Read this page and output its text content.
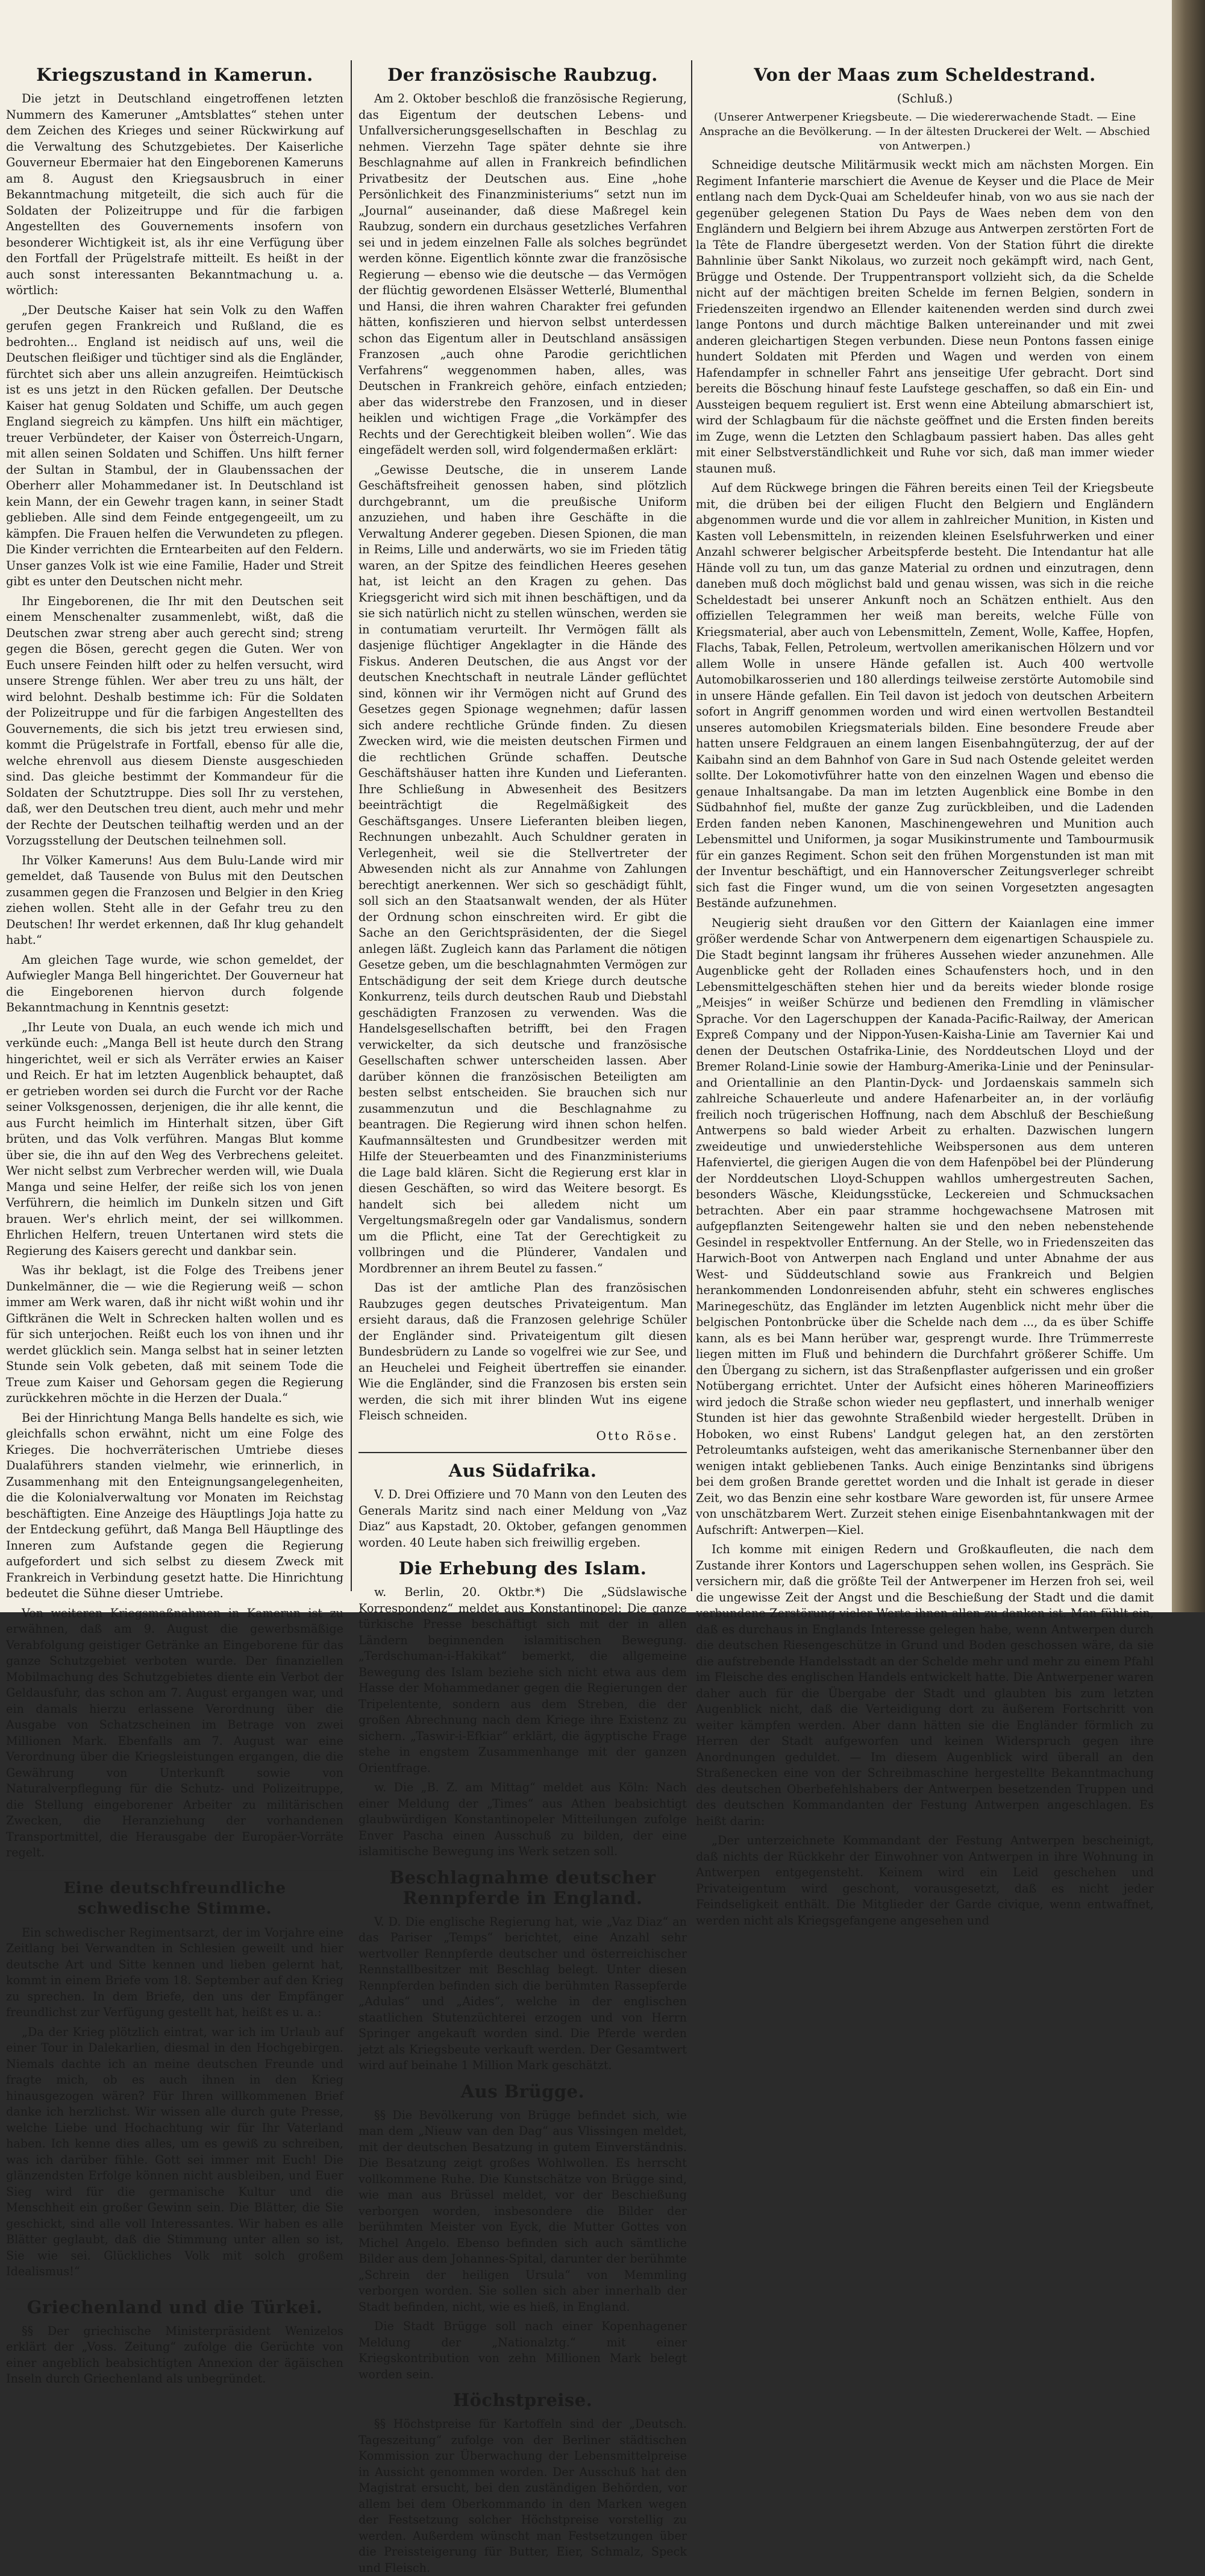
Kriegszustand in Kamerun.

Die jetzt in Deutschland eingetroffenen letzten Nummern des Kameruner „Amtsblattes“ stehen unter dem Zeichen des Krieges und seiner Rückwirkung auf die Verwaltung des Schutzgebietes. Der Kaiserliche Gouverneur Ebermaier hat den Eingeborenen Kameruns am 8. August den Kriegsausbruch in einer Bekanntmachung mitgeteilt, die sich auch für die Soldaten der Polizeitruppe und für die farbigen Angestellten des Gouvernements insofern von besonderer Wichtigkeit ist, als ihr eine Verfügung über den Fortfall der Prügelstrafe mitteilt. Es heißt in der auch sonst interessanten Bekanntmachung u. a. wörtlich:

„Der Deutsche Kaiser hat sein Volk zu den Waffen gerufen gegen Frankreich und Rußland, die es bedrohten... England ist neidisch auf uns, weil die Deutschen fleißiger und tüchtiger sind als die Engländer, fürchtet sich aber uns allein anzugreifen. Heimtückisch ist es uns jetzt in den Rücken gefallen. Der Deutsche Kaiser hat genug Soldaten und Schiffe, um auch gegen England siegreich zu kämpfen. Uns hilft ein mächtiger, treuer Verbündeter, der Kaiser von Österreich-Ungarn, mit allen seinen Soldaten und Schiffen. Uns hilft ferner der Sultan in Stambul, der in Glaubenssachen der Oberherr aller Mohammedaner ist. In Deutschland ist kein Mann, der ein Gewehr tragen kann, in seiner Stadt geblieben. Alle sind dem Feinde entgegengeeilt, um zu kämpfen. Die Frauen helfen die Verwundeten zu pflegen. Die Kinder verrichten die Erntearbeiten auf den Feldern. Unser ganzes Volk ist wie eine Familie, Hader und Streit gibt es unter den Deutschen nicht mehr.

Ihr Eingeborenen, die Ihr mit den Deutschen seit einem Menschenalter zusammenlebt, wißt, daß die Deutschen zwar streng aber auch gerecht sind; streng gegen die Bösen, gerecht gegen die Guten. Wer von Euch unsere Feinden hilft oder zu helfen versucht, wird unsere Strenge fühlen. Wer aber treu zu uns hält, der wird belohnt. Deshalb bestimme ich: Für die Soldaten der Polizeitruppe und für die farbigen Angestellten des Gouvernements, die sich bis jetzt treu erwiesen sind, kommt die Prügelstrafe in Fortfall, ebenso für alle die, welche ehrenvoll aus diesem Dienste ausgeschieden sind. Das gleiche bestimmt der Kommandeur für die Soldaten der Schutztruppe. Dies soll Ihr zu verstehen, daß, wer den Deutschen treu dient, auch mehr und mehr der Rechte der Deutschen teilhaftig werden und an der Vorzugsstellung der Deutschen teilnehmen soll.

Ihr Völker Kameruns! Aus dem Bulu-Lande wird mir gemeldet, daß Tausende von Bulus mit den Deutschen zusammen gegen die Franzosen und Belgier in den Krieg ziehen wollen. Steht alle in der Gefahr treu zu den Deutschen! Ihr werdet erkennen, daß Ihr klug gehandelt habt.“

Am gleichen Tage wurde, wie schon gemeldet, der Aufwiegler Manga Bell hingerichtet. Der Gouverneur hat die Eingeborenen hiervon durch folgende Bekanntmachung in Kenntnis gesetzt:

„Ihr Leute von Duala, an euch wende ich mich und verkünde euch: „Manga Bell ist heute durch den Strang hingerichtet, weil er sich als Verräter erwies an Kaiser und Reich. Er hat im letzten Augenblick behauptet, daß er getrieben worden sei durch die Furcht vor der Rache seiner Volksgenossen, derjenigen, die ihr alle kennt, die aus Furcht heimlich im Hinterhalt sitzen, über Gift brüten, und das Volk verführen. Mangas Blut komme über sie, die ihn auf den Weg des Verbrechens geleitet. Wer nicht selbst zum Verbrecher werden will, wie Duala Manga und seine Helfer, der reiße sich los von jenen Verführern, die heimlich im Dunkeln sitzen und Gift brauen. Wer's ehrlich meint, der sei willkommen. Ehrlichen Helfern, treuen Untertanen wird stets die Regierung des Kaisers gerecht und dankbar sein.

Was ihr beklagt, ist die Folge des Treibens jener Dunkelmänner, die — wie die Regierung weiß — schon immer am Werk waren, daß ihr nicht wißt wohin und ihr Giftkränen die Welt in Schrecken halten wollen und es für sich unterjochen. Reißt euch los von ihnen und ihr werdet glücklich sein. Manga selbst hat in seiner letzten Stunde sein Volk gebeten, daß mit seinem Tode die Treue zum Kaiser und Gehorsam gegen die Regierung zurückkehren möchte in die Herzen der Duala.“

Bei der Hinrichtung Manga Bells handelte es sich, wie gleichfalls schon erwähnt, nicht um eine Folge des Krieges. Die hochverräterischen Umtriebe dieses Dualaführers standen vielmehr, wie erinnerlich, in Zusammenhang mit den Enteignungsangelegenheiten, die die Kolonialverwaltung vor Monaten im Reichstag beschäftigten. Eine Anzeige des Häuptlings Joja hatte zu der Entdeckung geführt, daß Manga Bell Häuptlinge des Inneren zum Aufstande gegen die Regierung aufgefordert und sich selbst zu diesem Zweck mit Frankreich in Verbindung gesetzt hatte. Die Hinrichtung bedeutet die Sühne dieser Umtriebe.

Von weiteren Kriegsmaßnahmen in Kamerun ist zu erwähnen, daß am 9. August die gewerbsmäßige Verabfolgung geistiger Getränke an Eingeborene für das ganze Schutzgebiet verboten wurde. Der finanziellen Mobilmachung des Schutzgebietes diente ein Verbot der Geldausfuhr, das schon am 7. August ergangen war, und ein damals hierzu erlassene Verordnung über die Ausgabe von Schatzscheinen im Betrage von zwei Millionen Mark. Ebenfalls am 7. August war eine Verordnung über die Kriegsleistungen ergangen, die die Gewährung von Unterkunft sowie von Naturalverpflegung für die Schutz- und Polizeitruppe, die Stellung eingeborener Arbeiter zu militärischen Zwecken, die Heranziehung der vorhandenen Transportmittel, die Herausgabe der Europäer-Vorräte regelt.

Eine deutschfreundliche schwedische Stimme.

Ein schwedischer Regimentsarzt, der im Vorjahre eine Zeitlang bei Verwandten in Schlesien geweilt und hier deutsche Art und Sitte kennen und lieben gelernt hat, kommt in einem Briefe vom 18. September auf den Krieg zu sprechen. In dem Briefe, den uns der Empfänger freundlichst zur Verfügung gestellt hat, heißt es u. a.:

„Da der Krieg plötzlich eintrat, war ich im Urlaub auf einer Tour in Dalekarlien, diesmal in den Hochgebirgen. Niemals dachte ich an meine deutschen Freunde und fragte mich, ob es auch ihnen in den Krieg hinausgezogen wären? Für Ihren willkommenen Brief danke ich herzlichst. Wir wissen alle durch gute Presse, welche Liebe und Hochachtung wir für Ihr Vaterland haben. Ich kenne dies alles, um es gewiß zu schreiben, was ich darüber fühle. Gott sei immer mit Euch! Die glänzendsten Erfolge können nicht ausbleiben, und Euer Sieg wird für die germanische Kultur und die Menschheit ein großer Gewinn sein. Die Blätter, die Sie geschickt, sind alle voll Interessantes. Wir haben es alle Blätter geglaubt, daß die Stimmung unter allen so ist, Sie wie sei. Glückliches Volk mit solch großem Idealismus!“

Griechenland und die Türkei.

§§ Der griechische Ministerpräsident Wenizelos erklärt der „Voss. Zeitung“ zufolge die Gerüchte von einer angeblich beabsichtigten Annexion der ägäischen Inseln durch Griechenland als unbegründet.

Der französische Raubzug.

Am 2. Oktober beschloß die französische Regierung, das Eigentum der deutschen Lebens- und Unfallversicherungsgesellschaften in Beschlag zu nehmen. Vierzehn Tage später dehnte sie ihre Beschlagnahme auf allen in Frankreich befindlichen Privatbesitz der Deutschen aus. Eine „hohe Persönlichkeit des Finanzministeriums“ setzt nun im „Journal“ auseinander, daß diese Maßregel kein Raubzug, sondern ein durchaus gesetzliches Verfahren sei und in jedem einzelnen Falle als solches begründet werden könne. Eigentlich könnte zwar die französische Regierung — ebenso wie die deutsche — das Vermögen der flüchtig gewordenen Elsässer Wetterlé, Blumenthal und Hansi, die ihren wahren Charakter frei gefunden hätten, konfiszieren und hiervon selbst unterdessen schon das Eigentum aller in Deutschland ansässigen Franzosen „auch ohne Parodie gerichtlichen Verfahrens“ weggenommen haben, alles, was Deutschen in Frankreich gehöre, einfach entzieden; aber das widerstrebe den Franzosen, und in dieser heiklen und wichtigen Frage „die Vorkämpfer des Rechts und der Gerechtigkeit bleiben wollen“. Wie das eingefädelt werden soll, wird folgendermaßen erklärt:

„Gewisse Deutsche, die in unserem Lande Geschäftsfreiheit genossen haben, sind plötzlich durchgebrannt, um die preußische Uniform anzuziehen, und haben ihre Geschäfte in die Verwaltung Anderer gegeben. Diesen Spionen, die man in Reims, Lille und anderwärts, wo sie im Frieden tätig waren, an der Spitze des feindlichen Heeres gesehen hat, ist leicht an den Kragen zu gehen. Das Kriegsgericht wird sich mit ihnen beschäftigen, und da sie sich natürlich nicht zu stellen wünschen, werden sie in contumatiam verurteilt. Ihr Vermögen fällt als dasjenige flüchtiger Angeklagter in die Hände des Fiskus. Anderen Deutschen, die aus Angst vor der deutschen Knechtschaft in neutrale Länder geflüchtet sind, können wir ihr Vermögen nicht auf Grund des Gesetzes gegen Spionage wegnehmen; dafür lassen sich andere rechtliche Gründe finden. Zu diesen Zwecken wird, wie die meisten deutschen Firmen und die rechtlichen Gründe schaffen. Deutsche Geschäftshäuser hatten ihre Kunden und Lieferanten. Ihre Schließung in Abwesenheit des Besitzers beeinträchtigt die Regelmäßigkeit des Geschäftsganges. Unsere Lieferanten bleiben liegen, Rechnungen unbezahlt. Auch Schuldner geraten in Verlegenheit, weil sie die Stellvertreter der Abwesenden nicht als zur Annahme von Zahlungen berechtigt anerkennen. Wer sich so geschädigt fühlt, soll sich an den Staatsanwalt wenden, der als Hüter der Ordnung schon einschreiten wird. Er gibt die Sache an den Gerichtspräsidenten, der die Siegel anlegen läßt. Zugleich kann das Parlament die nötigen Gesetze geben, um die beschlagnahmten Vermögen zur Entschädigung der seit dem Kriege durch deutsche Konkurrenz, teils durch deutschen Raub und Diebstahl geschädigten Franzosen zu verwenden. Was die Handelsgesellschaften betrifft, bei den Fragen verwickelter, da sich deutsche und französische Gesellschaften schwer unterscheiden lassen. Aber darüber können die französischen Beteiligten am besten selbst entscheiden. Sie brauchen sich nur zusammenzutun und die Beschlagnahme zu beantragen. Die Regierung wird ihnen schon helfen. Kaufmannsältesten und Grundbesitzer werden mit Hilfe der Steuerbeamten und des Finanzministeriums die Lage bald klären. Sicht die Regierung erst klar in diesen Geschäften, so wird das Weitere besorgt. Es handelt sich bei alledem nicht um Vergeltungsmaßregeln oder gar Vandalismus, sondern um die Pflicht, eine Tat der Gerechtigkeit zu vollbringen und die Plünderer, Vandalen und Mordbrenner an ihrem Beutel zu fassen.“

Das ist der amtliche Plan des französischen Raubzuges gegen deutsches Privateigentum. Man ersieht daraus, daß die Franzosen gelehrige Schüler der Engländer sind. Privateigentum gilt diesen Bundesbrüdern zu Lande so vogelfrei wie zur See, und an Heuchelei und Feigheit übertreffen sie einander. Wie die Engländer, sind die Franzosen bis ersten sein werden, die sich mit ihrer blinden Wut ins eigene Fleisch schneiden.

Otto Röse.

Aus Südafrika.

V. D. Drei Offiziere und 70 Mann von den Leuten des Generals Maritz sind nach einer Meldung von „Vaz Diaz“ aus Kapstadt, 20. Oktober, gefangen genommen worden. 40 Leute haben sich freiwillig ergeben.

Die Erhebung des Islam.

w. Berlin, 20. Oktbr.*) Die „Südslawische Korrespondenz“ meldet aus Konstantinopel: Die ganze türkische Presse beschäftigt sich mit der in allen Ländern beginnenden islamitischen Bewegung. „Terdschuman-i-Hakikat“ bemerkt, die allgemeine Bewegung des Islam beziehe sich nicht etwa aus dem Hasse der Mohammedaner gegen die Regierungen der Tripelentente, sondern aus dem Streben, die der großen Abrechnung nach dem Kriege ihre Existenz zu sichern. „Taswir-i-Efkiar“ erklärt, die ägyptische Frage stehe in engstem Zusammenhange mit der ganzen Orientfrage.

w. Die „B. Z. am Mittag“ meldet aus Köln: Nach einer Meldung der „Times“ aus Athen beabsichtigt glaubwürdigen Konstantinopeler Mitteilungen zufolge Enver Pascha einen Ausschuß zu bilden, der eine islamitische Bewegung ins Werk setzen soll.

Beschlagnahme deutscher Rennpferde in England.

V. D. Die englische Regierung hat, wie „Vaz Diaz“ an das Pariser „Temps“ berichtet, eine Anzahl sehr wertvoller Rennpferde deutscher und österreichischer Rennstallbesitzer mit Beschlag belegt. Unter diesen Rennpferden befinden sich die berühmten Rassepferde „Adulas“ und „Aides“, welche in der englischen staatlichen Stutenzüchterei erzogen und von Herrn Springer angekauft worden sind. Die Pferde werden jetzt als Kriegsbeute verkauft werden. Der Gesamtwert wird auf beinahe 1 Million Mark geschätzt.

Aus Brügge.

§§ Die Bevölkerung von Brügge befindet sich, wie man dem „Nieuw van den Dag“ aus Vlissingen meldet, mit der deutschen Besatzung in gutem Einverständnis. Die Besatzung zeigt großes Wohlwollen. Es herrscht vollkommene Ruhe. Die Kunstschätze von Brügge sind, wie man aus Brüssel meldet, vor der Beschießung verborgen worden, insbesondere die Bilder der berühmten Meister von Eyck, die Mutter Gottes von Michel Angelo. Ebenso befinden sich auch sämtliche Bilder aus dem Johannes-Spital, darunter der berühmte „Schrein der heiligen Ursula“ von Memmling verborgen worden. Sie sollen sich aber innerhalb der Stadt befinden, nicht, wie es hieß, in England.

Die Stadt Brügge soll nach einer Kopenhagener Meldung der „Nationalztg.“ mit einer Kriegskontribution von zehn Millionen Mark belegt worden sein.

Höchstpreise.

§§ Höchstpreise für Kartoffeln sind der „Deutsch. Tageszeitung“ zufolge von der Berliner städtischen Kommission zur Überwachung der Lebensmittelpreise in Aussicht genommen worden. Der Ausschuß hat den Magistrat ersucht, bei den zuständigen Behörden, vor allem bei dem Oberkommando in den Marken wegen der Festsetzung solcher Höchstpreise vorstellig zu werden. Außerdem wünscht man Festsetzungen über die Preissteigerung für Butter, Eier, Schmalz, Speck und Fleisch.

Von der Maas zum Scheldestrand.
(Schluß.)

(Unserer Antwerpener Kriegsbeute. — Die wiedererwachende Stadt. — Eine Ansprache an die Bevölkerung. — In der ältesten Druckerei der Welt. — Abschied von Antwerpen.)

Schneidige deutsche Militärmusik weckt mich am nächsten Morgen. Ein Regiment Infanterie marschiert die Avenue de Keyser und die Place de Meir entlang nach dem Dyck-Quai am Scheldeufer hinab, von wo aus sie nach der gegenüber gelegenen Station Du Pays de Waes neben dem von den Engländern und Belgiern bei ihrem Abzuge aus Antwerpen zerstörten Fort de la Tête de Flandre übergesetzt werden. Von der Station führt die direkte Bahnlinie über Sankt Nikolaus, wo zurzeit noch gekämpft wird, nach Gent, Brügge und Ostende. Der Truppentransport vollzieht sich, da die Schelde nicht auf der mächtigen breiten Schelde im fernen Belgien, sondern in Friedenszeiten irgendwo an Ellender kaitenenden werden sind durch zwei lange Pontons und durch mächtige Balken untereinander und mit zwei anderen gleichartigen Stegen verbunden. Diese neun Pontons fassen einige hundert Soldaten mit Pferden und Wagen und werden von einem Hafendampfer in schneller Fahrt ans jenseitige Ufer gebracht. Dort sind bereits die Böschung hinauf feste Laufstege geschaffen, so daß ein Ein- und Aussteigen bequem reguliert ist. Erst wenn eine Abteilung abmarschiert ist, wird der Schlagbaum für die nächste geöffnet und die Ersten finden bereits im Zuge, wenn die Letzten den Schlagbaum passiert haben. Das alles geht mit einer Selbstverständlichkeit und Ruhe vor sich, daß man immer wieder staunen muß.

Auf dem Rückwege bringen die Fähren bereits einen Teil der Kriegsbeute mit, die drüben bei der eiligen Flucht den Belgiern und Engländern abgenommen wurde und die vor allem in zahlreicher Munition, in Kisten und Kasten voll Lebensmitteln, in reizenden kleinen Eselsfuhrwerken und einer Anzahl schwerer belgischer Arbeitspferde besteht. Die Intendantur hat alle Hände voll zu tun, um das ganze Material zu ordnen und einzutragen, denn daneben muß doch möglichst bald und genau wissen, was sich in die reiche Scheldestadt bei unserer Ankunft noch an Schätzen enthielt. Aus den offiziellen Telegrammen her weiß man bereits, welche Fülle von Kriegsmaterial, aber auch von Lebensmitteln, Zement, Wolle, Kaffee, Hopfen, Flachs, Tabak, Fellen, Petroleum, wertvollen amerikanischen Hölzern und vor allem Wolle in unsere Hände gefallen ist. Auch 400 wertvolle Automobilkarosserien und 180 allerdings teilweise zerstörte Automobile sind in unsere Hände gefallen. Ein Teil davon ist jedoch von deutschen Arbeitern sofort in Angriff genommen worden und wird einen wertvollen Bestandteil unseres automobilen Kriegsmaterials bilden. Eine besondere Freude aber hatten unsere Feldgrauen an einem langen Eisenbahngüterzug, der auf der Kaibahn sind an dem Bahnhof von Gare in Sud nach Ostende geleitet werden sollte. Der Lokomotivführer hatte von den einzelnen Wagen und ebenso die genaue Inhaltsangabe. Da man im letzten Augenblick eine Bombe in den Südbahnhof fiel, mußte der ganze Zug zurückbleiben, und die Ladenden Erden fanden neben Kanonen, Maschinengewehren und Munition auch Lebensmittel und Uniformen, ja sogar Musikinstrumente und Tambourmusik für ein ganzes Regiment. Schon seit den frühen Morgenstunden ist man mit der Inventur beschäftigt, und ein Hannoverscher Zeitungsverleger schreibt sich fast die Finger wund, um die von seinen Vorgesetzten angesagten Bestände aufzunehmen.

Neugierig sieht draußen vor den Gittern der Kaianlagen eine immer größer werdende Schar von Antwerpenern dem eigenartigen Schauspiele zu. Die Stadt beginnt langsam ihr früheres Aussehen wieder anzunehmen. Alle Augenblicke geht der Rolladen eines Schaufensters hoch, und in den Lebensmittelgeschäften stehen hier und da bereits wieder blonde rosige „Meisjes“ in weißer Schürze und bedienen den Fremdling in vlämischer Sprache. Vor den Lagerschuppen der Kanada-Pacific-Railway, der American Expreß Company und der Nippon-Yusen-Kaisha-Linie am Tavernier Kai und denen der Deutschen Ostafrika-Linie, des Norddeutschen Lloyd und der Bremer Roland-Linie sowie der Hamburg-Amerika-Linie und der Peninsular- and Orientallinie an den Plantin-Dyck- und Jordaenskais sammeln sich zahlreiche Schauerleute und andere Hafenarbeiter an, in der vorläufig freilich noch trügerischen Hoffnung, nach dem Abschluß der Beschießung Antwerpens so bald wieder Arbeit zu erhalten. Dazwischen lungern zweideutige und unwiederstehliche Weibspersonen aus dem unteren Hafenviertel, die gierigen Augen die von dem Hafenpöbel bei der Plünderung der Norddeutschen Lloyd-Schuppen wahllos umhergestreuten Sachen, besonders Wäsche, Kleidungsstücke, Leckereien und Schmucksachen betrachten. Aber ein paar stramme hochgewachsene Matrosen mit aufgepflanzten Seitengewehr halten sie und den neben nebenstehende Gesindel in respektvoller Entfernung. An der Stelle, wo in Friedenszeiten das Harwich-Boot von Antwerpen nach England und unter Abnahme der aus West- und Süddeutschland sowie aus Frankreich und Belgien herankommenden Londonreisenden abfuhr, steht ein schweres englisches Marinegeschütz, das Engländer im letzten Augenblick nicht mehr über die belgischen Pontonbrücke über die Schelde nach dem ..., da es über Schiffe kann, als es bei Mann herüber war, gesprengt wurde. Ihre Trümmerreste liegen mitten im Fluß und behindern die Durchfahrt größerer Schiffe. Um den Übergang zu sichern, ist das Straßenpflaster aufgerissen und ein großer Notübergang errichtet. Unter der Aufsicht eines höheren Marineoffiziers wird jedoch die Straße schon wieder neu gepflastert, und innerhalb weniger Stunden ist hier das gewohnte Straßenbild wieder hergestellt. Drüben in Hoboken, wo einst Rubens' Landgut gelegen hat, an den zerstörten Petroleumtanks aufsteigen, weht das amerikanische Sternenbanner über den wenigen intakt gebliebenen Tanks. Auch einige Benzintanks sind übrigens bei dem großen Brande gerettet worden und die Inhalt ist gerade in dieser Zeit, wo das Benzin eine sehr kostbare Ware geworden ist, für unsere Armee von unschätzbarem Wert. Zurzeit stehen einige Eisenbahntankwagen mit der Aufschrift: Antwerpen—Kiel.

Ich komme mit einigen Redern und Großkaufleuten, die nach dem Zustande ihrer Kontors und Lagerschuppen sehen wollen, ins Gespräch. Sie versichern mir, daß die größte Teil der Antwerpener im Herzen froh sei, weil die ungewisse Zeit der Angst und die Beschießung der Stadt und die damit verbundene Zerstörung vieler Werte ihnen allen zu danken ist. Man fühlt ein, daß es durchaus in Englands Interesse gelegen habe, wenn Antwerpen durch die deutschen Riesengeschütze in Grund und Boden geschossen wäre, da sie die aufstrebende Handelsstadt an der Schelde mehr und mehr zu einem Pfahl im Fleische des englischen Handels entwickelt hatte. Die Antwerpener waren daher auch für die Übergabe der Stadt und glaubten bis zum letzten Augenblick nicht, daß die Verteidigung dort zu äußerem Fortschritt von weiter kämpfen werden. Aber dann hätten sie die Engländer förmlich zu Herren der Stadt aufgeworfen und keinen Widerspruch gegen ihre Anordnungen geduldet. — Im diesem Augenblick wird überall an den Straßenecken eine von der Schreibmaschine hergestellte Bekanntmachung des deutschen Oberbefehlshabers der Antwerpen besetzenden Truppen und des deutschen Kommandanten der Festung Antwerpen angeschlagen. Es heißt darin:

„Der unterzeichnete Kommandant der Festung Antwerpen bescheinigt, daß nichts der Rückkehr der Einwohner von Antwerpen in ihre Wohnung in Antwerpen entgegensteht. Keinem wird ein Leid geschehen und Privateigentum wird geschont, vorausgesetzt, daß es nicht jeder Feindseligkeit enthält. Die Mitglieder der Garde civique, wenn entwaffnet, werden nicht als Kriegsgefangene angesehen und
